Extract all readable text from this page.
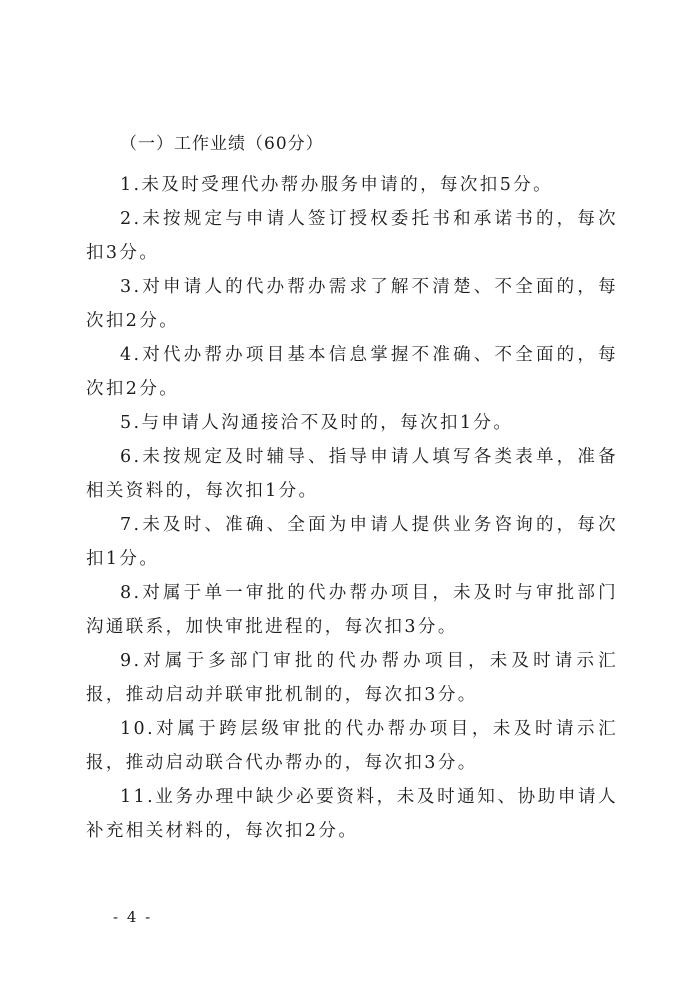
（一）工作业绩（60分）

1.未及时受理代办帮办服务申请的，每次扣5分。

2.未按规定与申请人签订授权委托书和承诺书的，每次扣3分。

3.对申请人的代办帮办需求了解不清楚、不全面的，每次扣2分。

4.对代办帮办项目基本信息掌握不准确、不全面的，每次扣2分。

5.与申请人沟通接洽不及时的，每次扣1分。

6.未按规定及时辅导、指导申请人填写各类表单，准备相关资料的，每次扣1分。

7.未及时、准确、全面为申请人提供业务咨询的，每次扣1分。

8.对属于单一审批的代办帮办项目，未及时与审批部门沟通联系，加快审批进程的，每次扣3分。

9.对属于多部门审批的代办帮办项目，未及时请示汇报，推动启动并联审批机制的，每次扣3分。

10.对属于跨层级审批的代办帮办项目，未及时请示汇报，推动启动联合代办帮办的，每次扣3分。

11.业务办理中缺少必要资料，未及时通知、协助申请人补充相关材料的，每次扣2分。

- 4 -
